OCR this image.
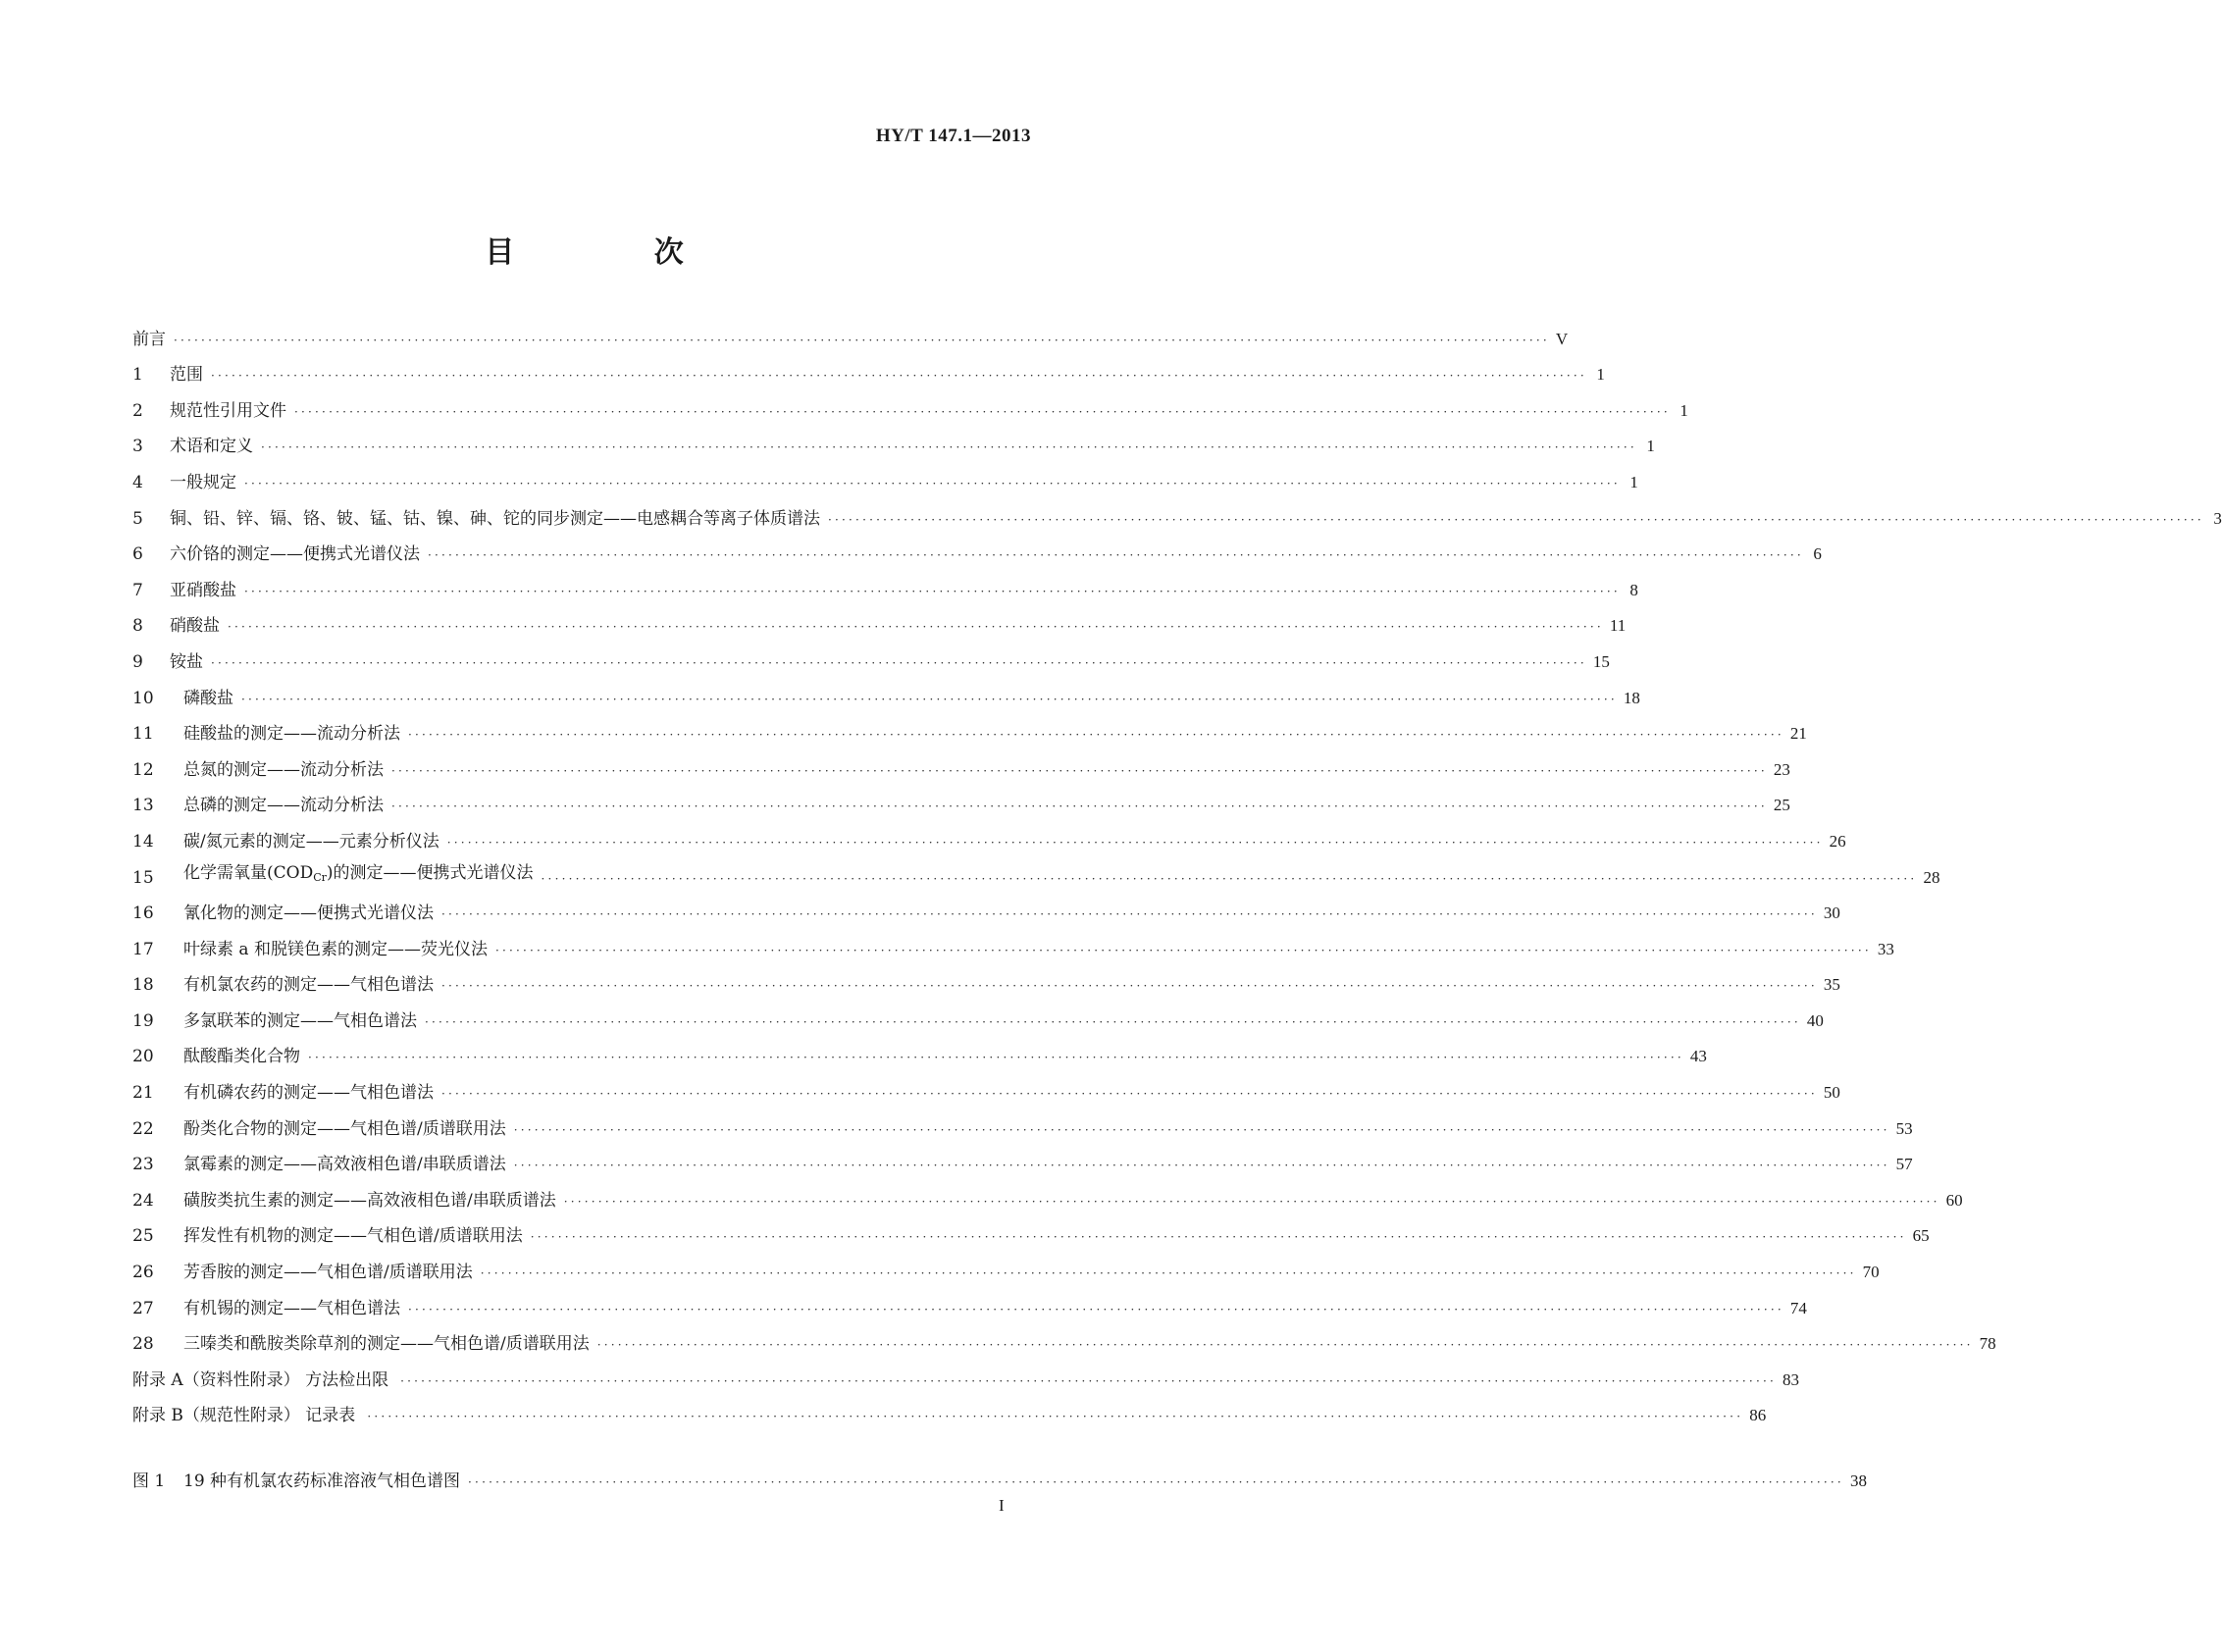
HY/T 147.1—2013
目 次
前言 ········································································································································································································ V
1	范围 ········································································································································································································ 1
2	规范性引用文件 ········································································································································································································ 1
3	术语和定义 ········································································································································································································ 1
4	一般规定 ········································································································································································································ 1
5	铜、铅、锌、镉、铬、铍、锰、钴、镍、砷、铊的同步测定——电感耦合等离子体质谱法 ········································································································································································································ 3
6	六价铬的测定——便携式光谱仪法 ········································································································································································································ 6
7	亚硝酸盐 ········································································································································································································ 8
8	硝酸盐 ········································································································································································································ 11
9	铵盐 ········································································································································································································ 15
10	磷酸盐 ········································································································································································································ 18
11	硅酸盐的测定——流动分析法 ········································································································································································································ 21
12	总氮的测定——流动分析法 ········································································································································································································ 23
13	总磷的测定——流动分析法 ········································································································································································································ 25
14	碳/氮元素的测定——元素分析仪法 ········································································································································································································ 26
15	化学需氧量$(COD_{Cr})$的测定——便携式光谱仪法 ········································································································································································································ 28
16	氰化物的测定——便携式光谱仪法 ········································································································································································································ 30
17	叶绿素 a 和脱镁色素的测定——荧光仪法 ········································································································································································································ 33
18	有机氯农药的测定——气相色谱法 ········································································································································································································ 35
19	多氯联苯的测定——气相色谱法 ········································································································································································································ 40
20	酞酸酯类化合物 ········································································································································································································ 43
21	有机磷农药的测定——气相色谱法 ········································································································································································································ 50
22	酚类化合物的测定——气相色谱/质谱联用法 ········································································································································································································ 53
23	氯霉素的测定——高效液相色谱/串联质谱法 ········································································································································································································ 57
24	磺胺类抗生素的测定——高效液相色谱/串联质谱法 ········································································································································································································ 60
25	挥发性有机物的测定——气相色谱/质谱联用法 ········································································································································································································ 65
26	芳香胺的测定——气相色谱/质谱联用法 ········································································································································································································ 70
27	有机锡的测定——气相色谱法 ········································································································································································································ 74
28	三嗪类和酰胺类除草剂的测定——气相色谱/质谱联用法 ········································································································································································································ 78
附录 A（资料性附录） 方法检出限	········································································································································································································ 83
附录 B（规范性附录） 记录表	········································································································································································································ 86
图 1	19 种有机氯农药标准溶液气相色谱图 ········································································································································································································ 38
I
